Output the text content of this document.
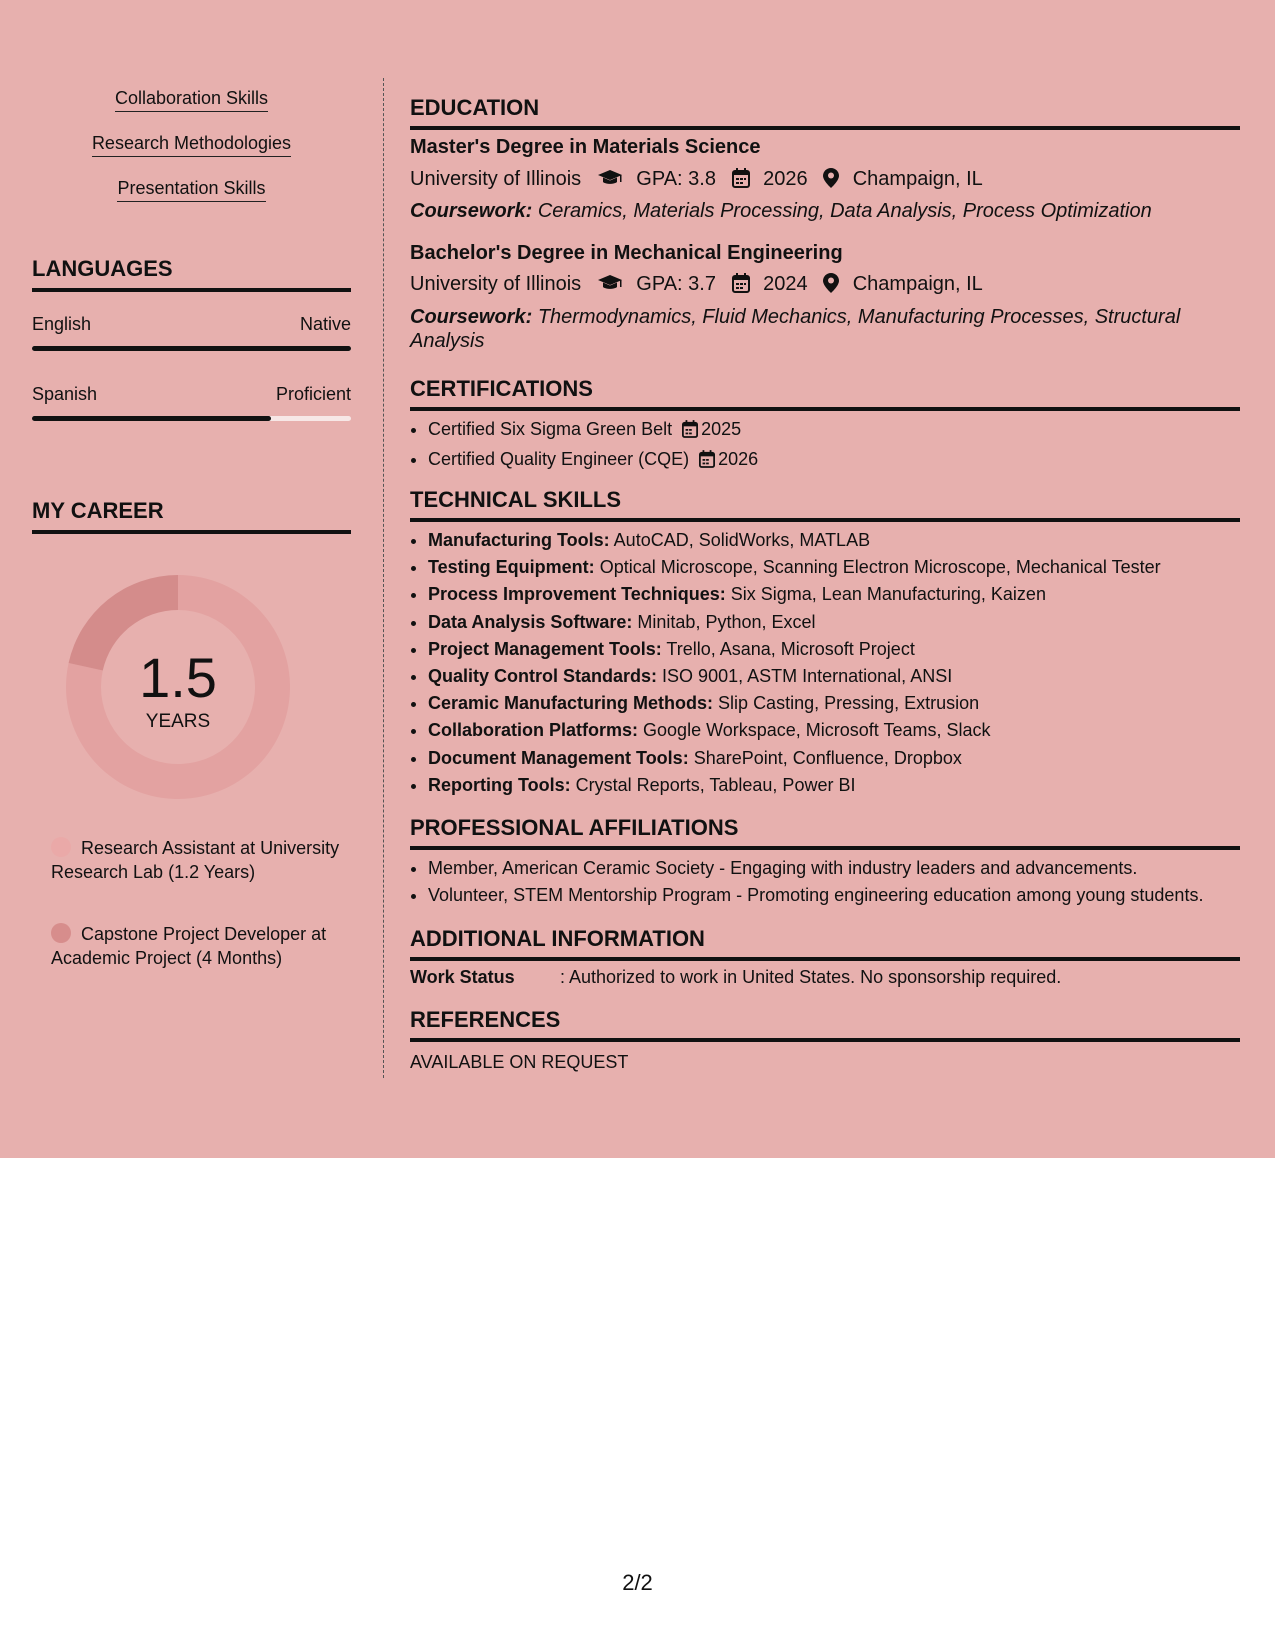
Collaboration Skills
Research Methodologies
Presentation Skills
LANGUAGES
English	Native
Spanish	Proficient
MY CAREER
1.5
YEARS
Research Assistant at University Research Lab (1.2 Years)
Capstone Project Developer at Academic Project (4 Months)
EDUCATION
Master's Degree in Materials Science
University of Illinois	GPA: 3.8 2026 Champaign, IL
Coursework: Ceramics, Materials Processing, Data Analysis, Process Optimization
Bachelor's Degree in Mechanical Engineering
University of Illinois	GPA: 3.7 2024 Champaign, IL
Coursework: Thermodynamics, Fluid Mechanics, Manufacturing Processes, Structural Analysis
CERTIFICATIONS
• Certified Six Sigma Green Belt 2025
• Certified Quality Engineer (CQE) 2026
TECHNICAL SKILLS
• Manufacturing Tools: AutoCAD, SolidWorks, MATLAB
• Testing Equipment: Optical Microscope, Scanning Electron Microscope, Mechanical Tester
• Process Improvement Techniques: Six Sigma, Lean Manufacturing, Kaizen
• Data Analysis Software: Minitab, Python, Excel
• Project Management Tools: Trello, Asana, Microsoft Project
• Quality Control Standards: ISO 9001, ASTM International, ANSI
• Ceramic Manufacturing Methods: Slip Casting, Pressing, Extrusion
• Collaboration Platforms: Google Workspace, Microsoft Teams, Slack
• Document Management Tools: SharePoint, Confluence, Dropbox
• Reporting Tools: Crystal Reports, Tableau, Power BI
PROFESSIONAL AFFILIATIONS
• Member, American Ceramic Society - Engaging with industry leaders and advancements.
• Volunteer, STEM Mentorship Program - Promoting engineering education among young students.
ADDITIONAL INFORMATION
Work Status	: Authorized to work in United States. No sponsorship required.
REFERENCES
AVAILABLE ON REQUEST
2/2
